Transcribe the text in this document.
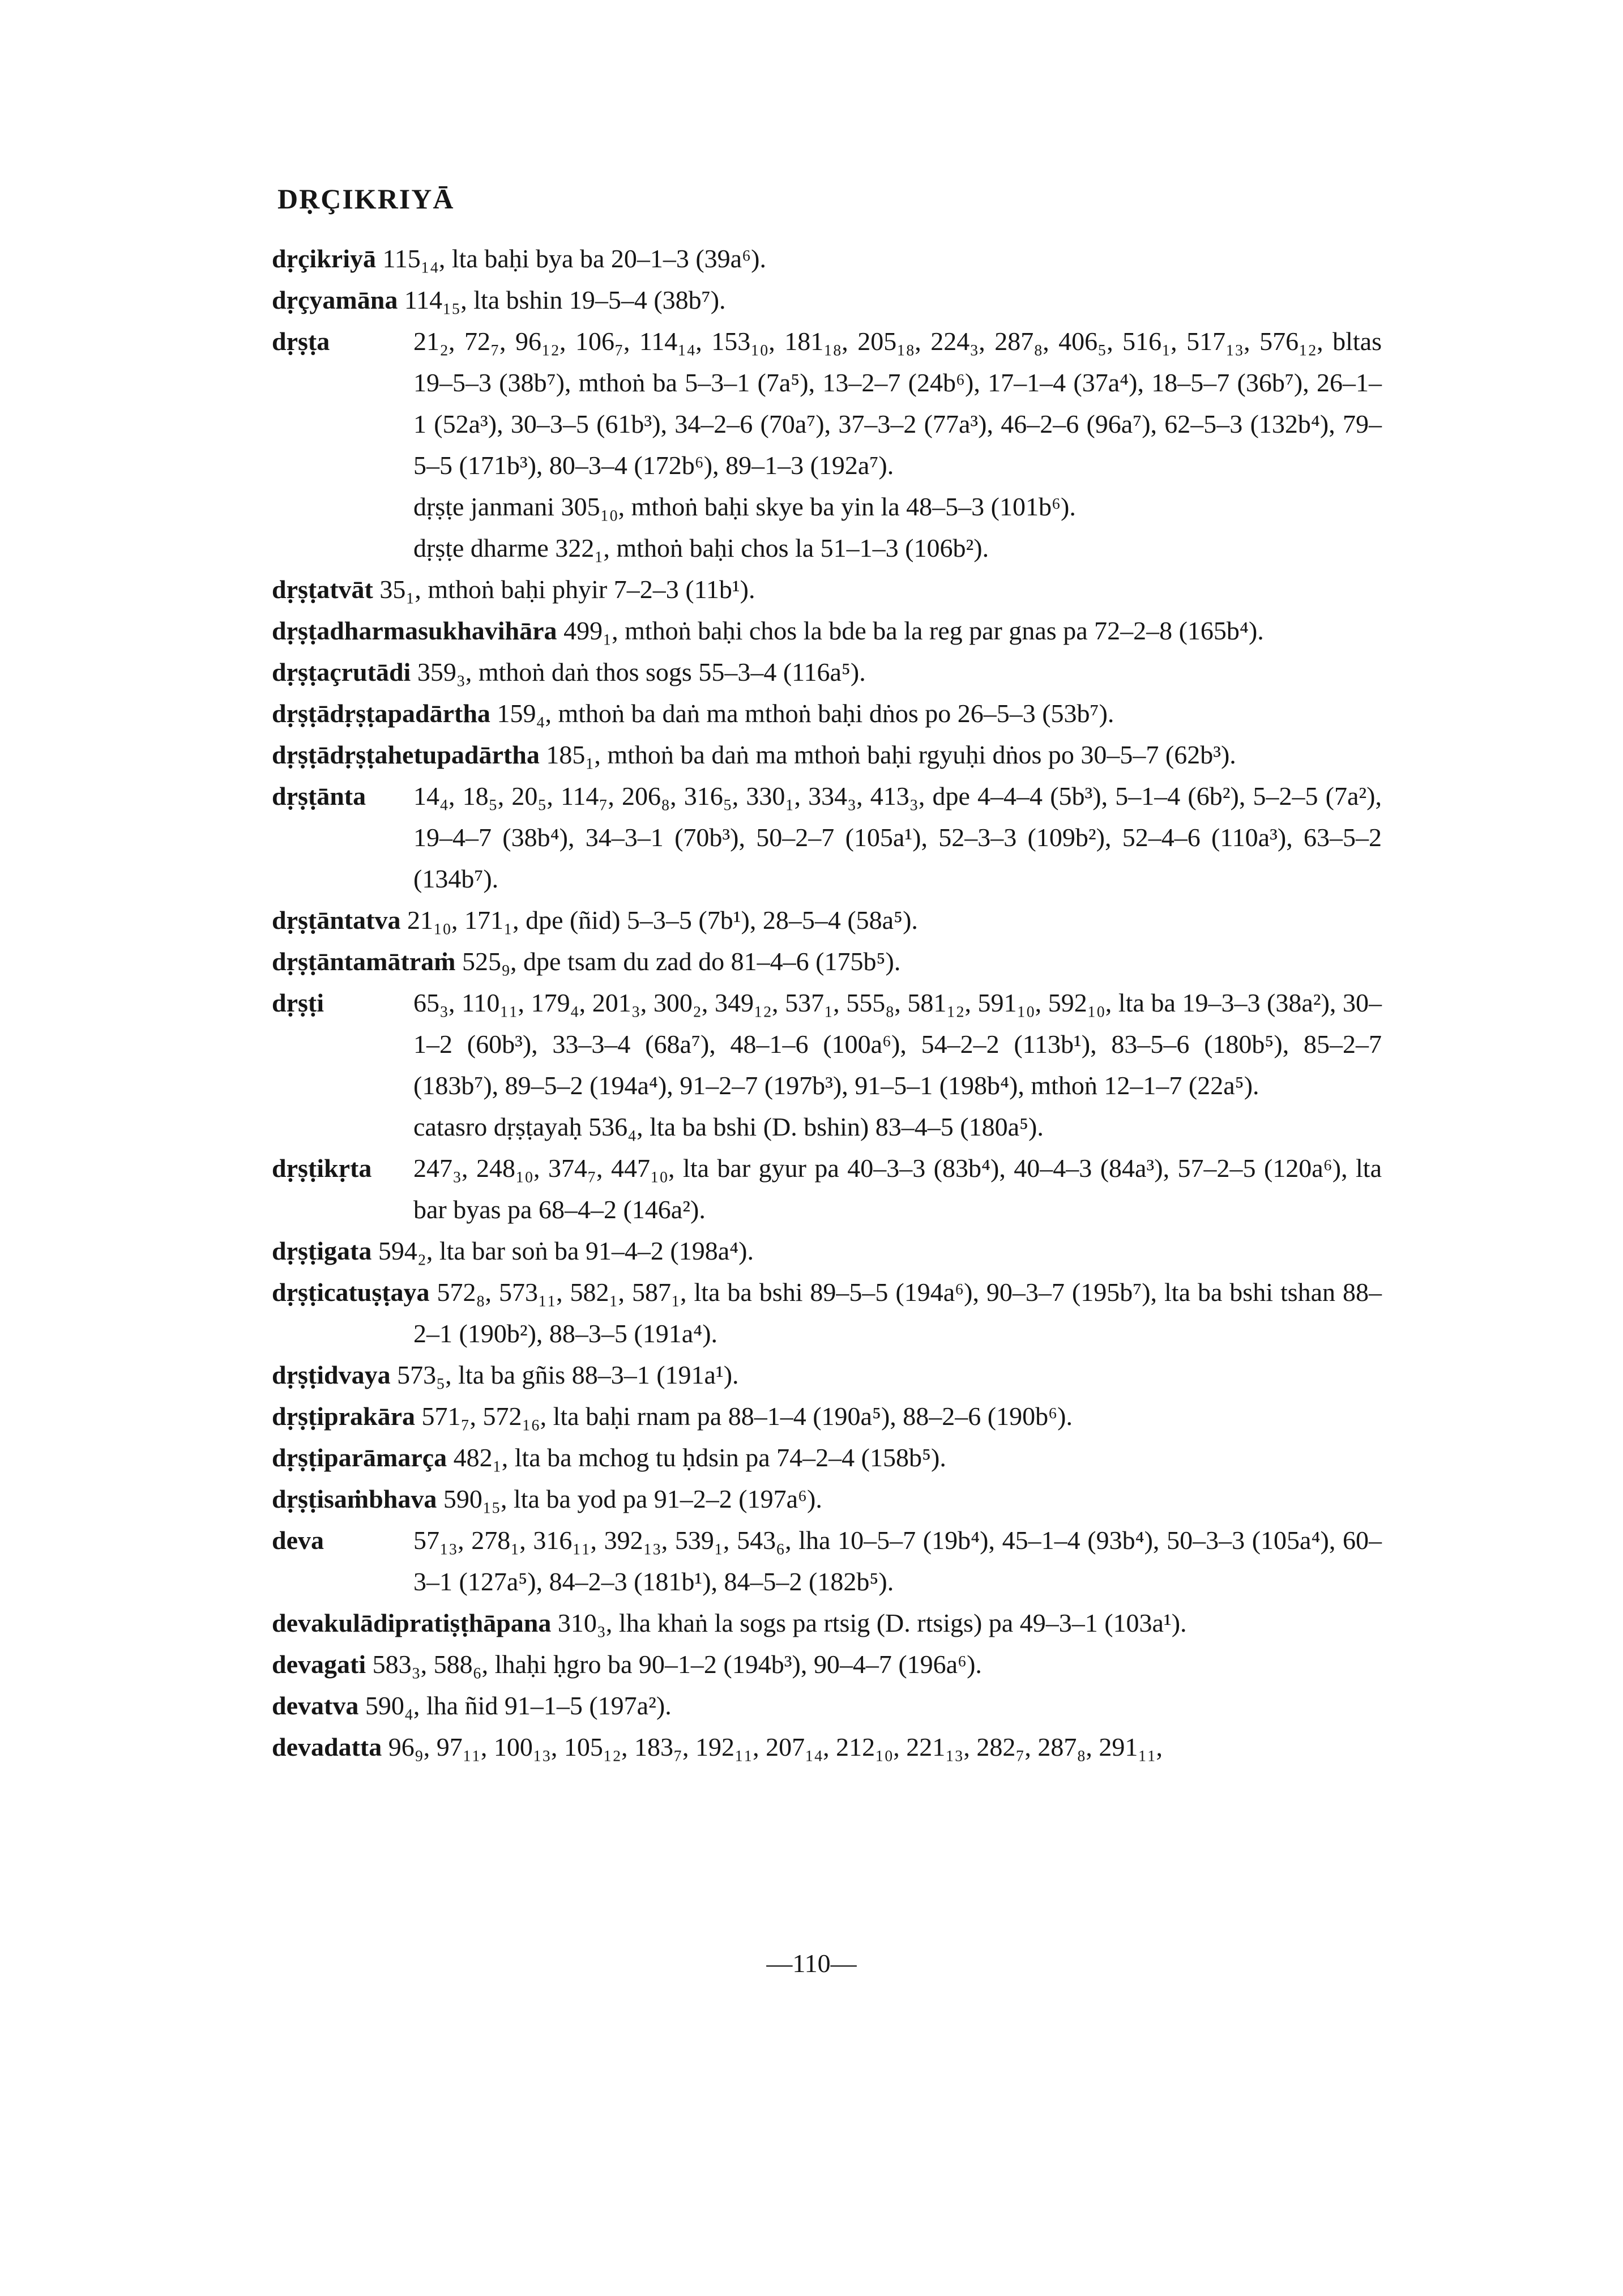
DṚÇIKRIYĀ
dṛçikriyā 115₁₄, lta baḥi bya ba 20–1–3 (39a⁶).
dṛçyamāna 114₁₅, lta bshin 19–5–4 (38b⁷).
dṛṣṭa	21₂, 72₇, 96₁₂, 106₇, 114₁₄, 153₁₀, 181₁₈, 205₁₈, 224₃, 287₈, 406₅, 516₁, 517₁₃, 576₁₂, bltas 19–5–3 (38b⁷), mthoṅ ba 5–3–1 (7a⁵), 13–2–7 (24b⁶), 17–1–4 (37a⁴), 18–5–7 (36b⁷), 26–1–1 (52a³), 30–3–5 (61b³), 34–2–6 (70a⁷), 37–3–2 (77a³), 46–2–6 (96a⁷), 62–5–3 (132b⁴), 79–5–5 (171b³), 80–3–4 (172b⁶), 89–1–3 (192a⁷).
dṛṣṭe janmani 305₁₀, mthoṅ baḥi skye ba yin la 48–5–3 (101b⁶).
dṛṣṭe dharme 322₁, mthoṅ baḥi chos la 51–1–3 (106b²).
dṛṣṭatvāt 35₁, mthoṅ baḥi phyir 7–2–3 (11b¹).
dṛṣṭadharmasukhavihāra 499₁, mthoṅ baḥi chos la bde ba la reg par gnas pa 72–2–8 (165b⁴).
dṛṣṭaçrutādi 359₃, mthoṅ daṅ thos sogs 55–3–4 (116a⁵).
dṛṣṭādṛṣṭapadārtha 159₄, mthoṅ ba daṅ ma mthoṅ baḥi dṅos po 26–5–3 (53b⁷).
dṛṣṭādṛṣṭahetupadārtha 185₁, mthoṅ ba daṅ ma mthoṅ baḥi rgyuḥi dṅos po 30–5–7 (62b³).
dṛṣṭānta 14₄, 18₅, 20₅, 114₇, 206₈, 316₅, 330₁, 334₃, 413₃, dpe 4–4–4 (5b³), 5–1–4 (6b²), 5–2–5 (7a²), 19–4–7 (38b⁴), 34–3–1 (70b³), 50–2–7 (105a¹), 52–3–3 (109b²), 52–4–6 (110a³), 63–5–2 (134b⁷).
dṛṣṭāntatva 21₁₀, 171₁, dpe (ñid) 5–3–5 (7b¹), 28–5–4 (58a⁵).
dṛṣṭāntamātraṁ 525₉, dpe tsam du zad do 81–4–6 (175b⁵).
dṛṣṭi	65₃, 110₁₁, 179₄, 201₃, 300₂, 349₁₂, 537₁, 555₈, 581₁₂, 591₁₀, 592₁₀, lta ba 19–3–3 (38a²), 30–1–2 (60b³), 33–3–4 (68a⁷), 48–1–6 (100a⁶), 54–2–2 (113b¹), 83–5–6 (180b⁵), 85–2–7 (183b⁷), 89–5–2 (194a⁴), 91–2–7 (197b³), 91–5–1 (198b⁴), mthoṅ 12–1–7 (22a⁵).
catasro dṛṣṭayaḥ 536₄, lta ba bshi (D. bshin) 83–4–5 (180a⁵).
dṛṣṭikṛta 247₃, 248₁₀, 374₇, 447₁₀, lta bar gyur pa 40–3–3 (83b⁴), 40–4–3 (84a³), 57–2–5 (120a⁶), lta bar byas pa 68–4–2 (146a²).
dṛṣṭigata 594₂, lta bar soṅ ba 91–4–2 (198a⁴).
dṛṣṭicatuṣṭaya 572₈, 573₁₁, 582₁, 587₁, lta ba bshi 89–5–5 (194a⁶), 90–3–7 (195b⁷), lta ba bshi tshan 88–2–1 (190b²), 88–3–5 (191a⁴).
dṛṣṭidvaya 573₅, lta ba gñis 88–3–1 (191a¹).
dṛṣṭiprakāra 571₇, 572₁₆, lta baḥi rnam pa 88–1–4 (190a⁵), 88–2–6 (190b⁶).
dṛṣṭiparāmarça 482₁, lta ba mchog tu ḥdsin pa 74–2–4 (158b⁵).
dṛṣṭisaṁbhava 590₁₅, lta ba yod pa 91–2–2 (197a⁶).
deva	57₁₃, 278₁, 316₁₁, 392₁₃, 539₁, 543₆, lha 10–5–7 (19b⁴), 45–1–4 (93b⁴), 50–3–3 (105a⁴), 60–3–1 (127a⁵), 84–2–3 (181b¹), 84–5–2 (182b⁵).
devakulādipratiṣṭhāpana 310₃, lha khaṅ la sogs pa rtsig (D. rtsigs) pa 49–3–1 (103a¹).
devagati 583₃, 588₆, lhaḥi ḥgro ba 90–1–2 (194b³), 90–4–7 (196a⁶).
devatva 590₄, lha ñid 91–1–5 (197a²).
devadatta 96₉, 97₁₁, 100₁₃, 105₁₂, 183₇, 192₁₁, 207₁₄, 212₁₀, 221₁₃, 282₇, 287₈, 291₁₁,
—110—
